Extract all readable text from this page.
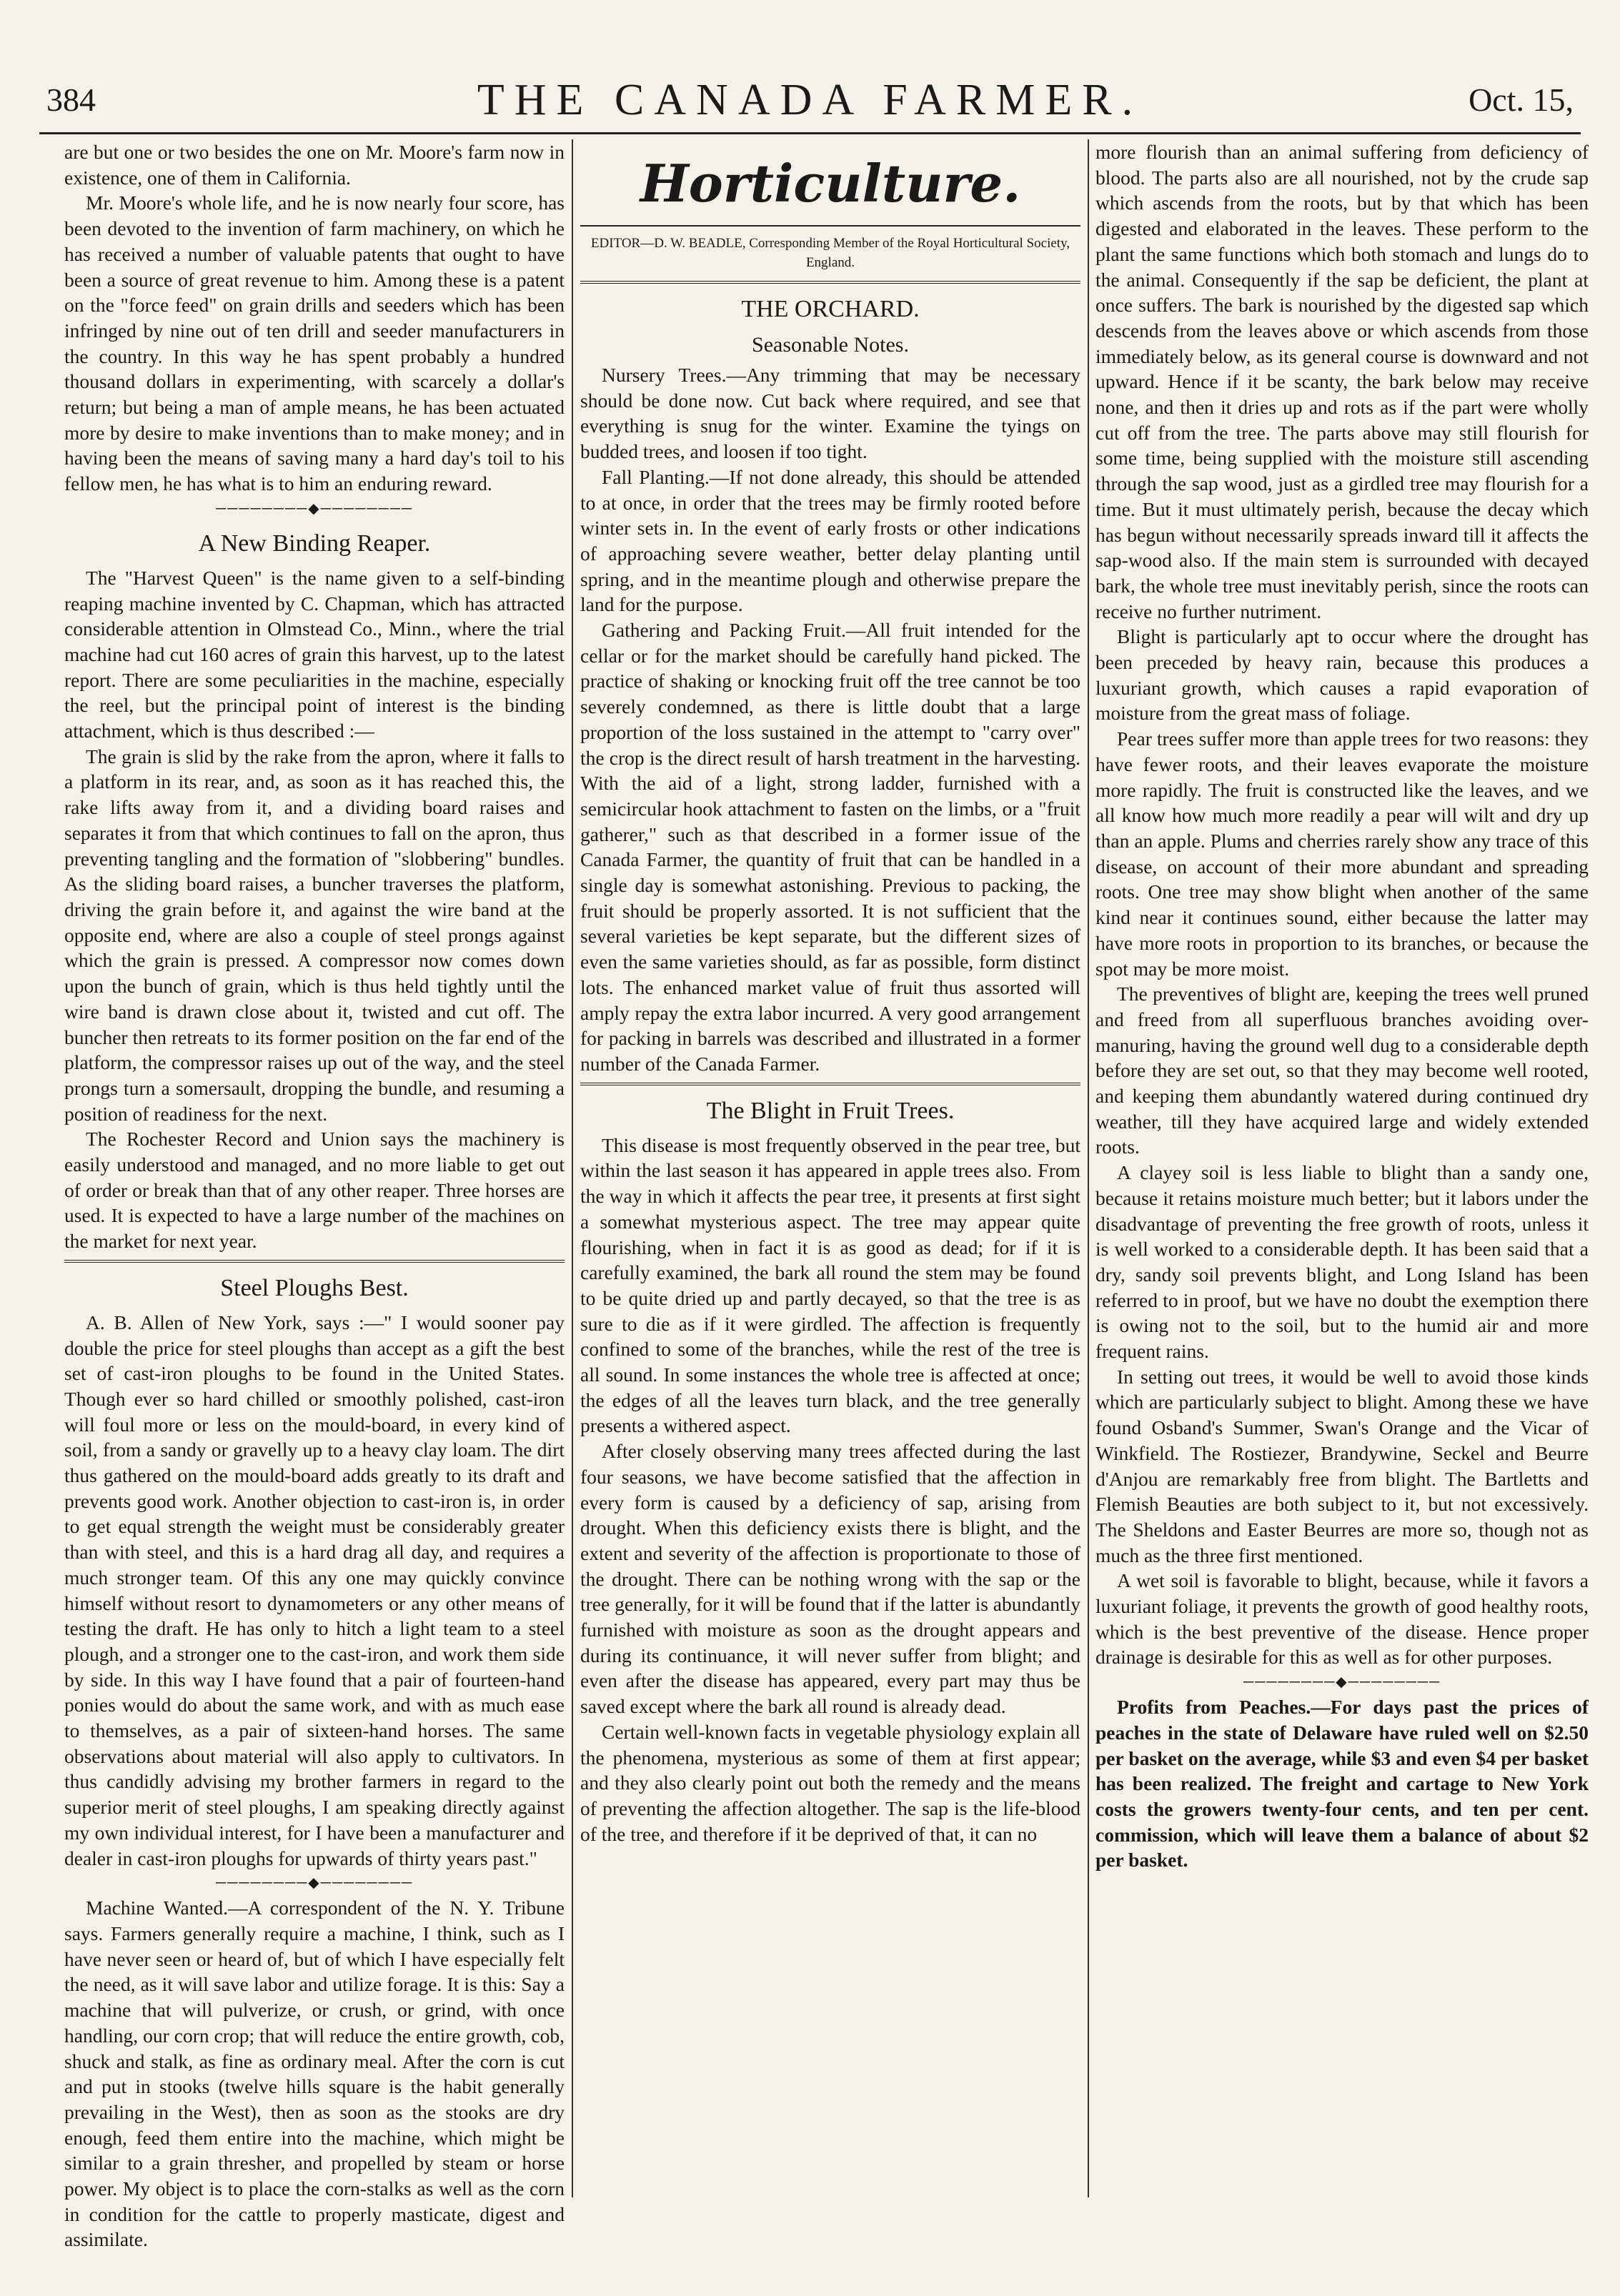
384	THE CANADA FARMER.	Oct. 15,

are but one or two besides the one on Mr. Moore's farm now in existence, one of them in California.

Mr. Moore's whole life, and he is now nearly four score, has been devoted to the invention of farm machinery, on which he has received a number of valuable patents that ought to have been a source of great revenue to him. Among these is a patent on the "force feed" on grain drills and seeders which has been infringed by nine out of ten drill and seeder manufacturers in the country. In this way he has spent probably a hundred thousand dollars in experimenting, with scarcely a dollar's return; but being a man of ample means, he has been actuated more by desire to make inventions than to make money; and in having been the means of saving many a hard day's toil to his fellow men, he has what is to him an enduring reward.

────────◆────────
A New Binding Reaper.

The "Harvest Queen" is the name given to a self-binding reaping machine invented by C. Chapman, which has attracted considerable attention in Olmstead Co., Minn., where the trial machine had cut 160 acres of grain this harvest, up to the latest report. There are some peculiarities in the machine, especially the reel, but the principal point of interest is the binding attachment, which is thus described :—

The grain is slid by the rake from the apron, where it falls to a platform in its rear, and, as soon as it has reached this, the rake lifts away from it, and a dividing board raises and separates it from that which continues to fall on the apron, thus preventing tangling and the formation of "slobbering" bundles. As the sliding board raises, a buncher traverses the platform, driving the grain before it, and against the wire band at the opposite end, where are also a couple of steel prongs against which the grain is pressed. A compressor now comes down upon the bunch of grain, which is thus held tightly until the wire band is drawn close about it, twisted and cut off. The buncher then retreats to its former position on the far end of the platform, the compressor raises up out of the way, and the steel prongs turn a somersault, dropping the bundle, and resuming a position of readiness for the next.

The Rochester Record and Union says the machinery is easily understood and managed, and no more liable to get out of order or break than that of any other reaper. Three horses are used. It is expected to have a large number of the machines on the market for next year.

Steel Ploughs Best.

A. B. Allen of New York, says :—" I would sooner pay double the price for steel ploughs than accept as a gift the best set of cast-iron ploughs to be found in the United States. Though ever so hard chilled or smoothly polished, cast-iron will foul more or less on the mould-board, in every kind of soil, from a sandy or gravelly up to a heavy clay loam. The dirt thus gathered on the mould-board adds greatly to its draft and prevents good work. Another objection to cast-iron is, in order to get equal strength the weight must be considerably greater than with steel, and this is a hard drag all day, and requires a much stronger team. Of this any one may quickly convince himself without resort to dynamometers or any other means of testing the draft. He has only to hitch a light team to a steel plough, and a stronger one to the cast-iron, and work them side by side. In this way I have found that a pair of fourteen-hand ponies would do about the same work, and with as much ease to themselves, as a pair of sixteen-hand horses. The same observations about material will also apply to cultivators. In thus candidly advising my brother farmers in regard to the superior merit of steel ploughs, I am speaking directly against my own individual interest, for I have been a manufacturer and dealer in cast-iron ploughs for upwards of thirty years past."

────────◆────────

Machine Wanted.—A correspondent of the N. Y. Tribune says. Farmers generally require a machine, I think, such as I have never seen or heard of, but of which I have especially felt the need, as it will save labor and utilize forage. It is this: Say a machine that will pulverize, or crush, or grind, with once handling, our corn crop; that will reduce the entire growth, cob, shuck and stalk, as fine as ordinary meal. After the corn is cut and put in stooks (twelve hills square is the habit generally prevailing in the West), then as soon as the stooks are dry enough, feed them entire into the machine, which might be similar to a grain thresher, and propelled by steam or horse power. My object is to place the corn-stalks as well as the corn in condition for the cattle to properly masticate, digest and assimilate.

Horticulture.
EDITOR—D. W. BEADLE, Corresponding Member of the Royal Horticultural Society, England.
THE ORCHARD.
Seasonable Notes.

Nursery Trees.—Any trimming that may be necessary should be done now. Cut back where required, and see that everything is snug for the winter. Examine the tyings on budded trees, and loosen if too tight.

Fall Planting.—If not done already, this should be attended to at once, in order that the trees may be firmly rooted before winter sets in. In the event of early frosts or other indications of approaching severe weather, better delay planting until spring, and in the meantime plough and otherwise prepare the land for the purpose.

Gathering and Packing Fruit.—All fruit intended for the cellar or for the market should be carefully hand picked. The practice of shaking or knocking fruit off the tree cannot be too severely condemned, as there is little doubt that a large proportion of the loss sustained in the attempt to "carry over" the crop is the direct result of harsh treatment in the harvesting. With the aid of a light, strong ladder, furnished with a semicircular hook attachment to fasten on the limbs, or a "fruit gatherer," such as that described in a former issue of the Canada Farmer, the quantity of fruit that can be handled in a single day is somewhat astonishing. Previous to packing, the fruit should be properly assorted. It is not sufficient that the several varieties be kept separate, but the different sizes of even the same varieties should, as far as possible, form distinct lots. The enhanced market value of fruit thus assorted will amply repay the extra labor incurred. A very good arrangement for packing in barrels was described and illustrated in a former number of the Canada Farmer.

The Blight in Fruit Trees.

This disease is most frequently observed in the pear tree, but within the last season it has appeared in apple trees also. From the way in which it affects the pear tree, it presents at first sight a somewhat mysterious aspect. The tree may appear quite flourishing, when in fact it is as good as dead; for if it is carefully examined, the bark all round the stem may be found to be quite dried up and partly decayed, so that the tree is as sure to die as if it were girdled. The affection is frequently confined to some of the branches, while the rest of the tree is all sound. In some instances the whole tree is affected at once; the edges of all the leaves turn black, and the tree generally presents a withered aspect.

After closely observing many trees affected during the last four seasons, we have become satisfied that the affection in every form is caused by a deficiency of sap, arising from drought. When this deficiency exists there is blight, and the extent and severity of the affection is proportionate to those of the drought. There can be nothing wrong with the sap or the tree generally, for it will be found that if the latter is abundantly furnished with moisture as soon as the drought appears and during its continuance, it will never suffer from blight; and even after the disease has appeared, every part may thus be saved except where the bark all round is already dead.

Certain well-known facts in vegetable physiology explain all the phenomena, mysterious as some of them at first appear; and they also clearly point out both the remedy and the means of preventing the affection altogether. The sap is the life-blood of the tree, and therefore if it be deprived of that, it can no

more flourish than an animal suffering from deficiency of blood. The parts also are all nourished, not by the crude sap which ascends from the roots, but by that which has been digested and elaborated in the leaves. These perform to the plant the same functions which both stomach and lungs do to the animal. Consequently if the sap be deficient, the plant at once suffers. The bark is nourished by the digested sap which descends from the leaves above or which ascends from those immediately below, as its general course is downward and not upward. Hence if it be scanty, the bark below may receive none, and then it dries up and rots as if the part were wholly cut off from the tree. The parts above may still flourish for some time, being supplied with the moisture still ascending through the sap wood, just as a girdled tree may flourish for a time. But it must ultimately perish, because the decay which has begun without necessarily spreads inward till it affects the sap-wood also. If the main stem is surrounded with decayed bark, the whole tree must inevitably perish, since the roots can receive no further nutriment.

Blight is particularly apt to occur where the drought has been preceded by heavy rain, because this produces a luxuriant growth, which causes a rapid evaporation of moisture from the great mass of foliage.

Pear trees suffer more than apple trees for two reasons: they have fewer roots, and their leaves evaporate the moisture more rapidly. The fruit is constructed like the leaves, and we all know how much more readily a pear will wilt and dry up than an apple. Plums and cherries rarely show any trace of this disease, on account of their more abundant and spreading roots. One tree may show blight when another of the same kind near it continues sound, either because the latter may have more roots in proportion to its branches, or because the spot may be more moist.

The preventives of blight are, keeping the trees well pruned and freed from all superfluous branches avoiding over-manuring, having the ground well dug to a considerable depth before they are set out, so that they may become well rooted, and keeping them abundantly watered during continued dry weather, till they have acquired large and widely extended roots.

A clayey soil is less liable to blight than a sandy one, because it retains moisture much better; but it labors under the disadvantage of preventing the free growth of roots, unless it is well worked to a considerable depth. It has been said that a dry, sandy soil prevents blight, and Long Island has been referred to in proof, but we have no doubt the exemption there is owing not to the soil, but to the humid air and more frequent rains.

In setting out trees, it would be well to avoid those kinds which are particularly subject to blight. Among these we have found Osband's Summer, Swan's Orange and the Vicar of Winkfield. The Rostiezer, Brandywine, Seckel and Beurre d'Anjou are remarkably free from blight. The Bartletts and Flemish Beauties are both subject to it, but not excessively. The Sheldons and Easter Beurres are more so, though not as much as the three first mentioned.

A wet soil is favorable to blight, because, while it favors a luxuriant foliage, it prevents the growth of good healthy roots, which is the best preventive of the disease. Hence proper drainage is desirable for this as well as for other purposes.

────────◆────────

Profits from Peaches.—For days past the prices of peaches in the state of Delaware have ruled well on $2.50 per basket on the average, while $3 and even $4 per basket has been realized. The freight and cartage to New York costs the growers twenty-four cents, and ten per cent. commission, which will leave them a balance of about $2 per basket.
